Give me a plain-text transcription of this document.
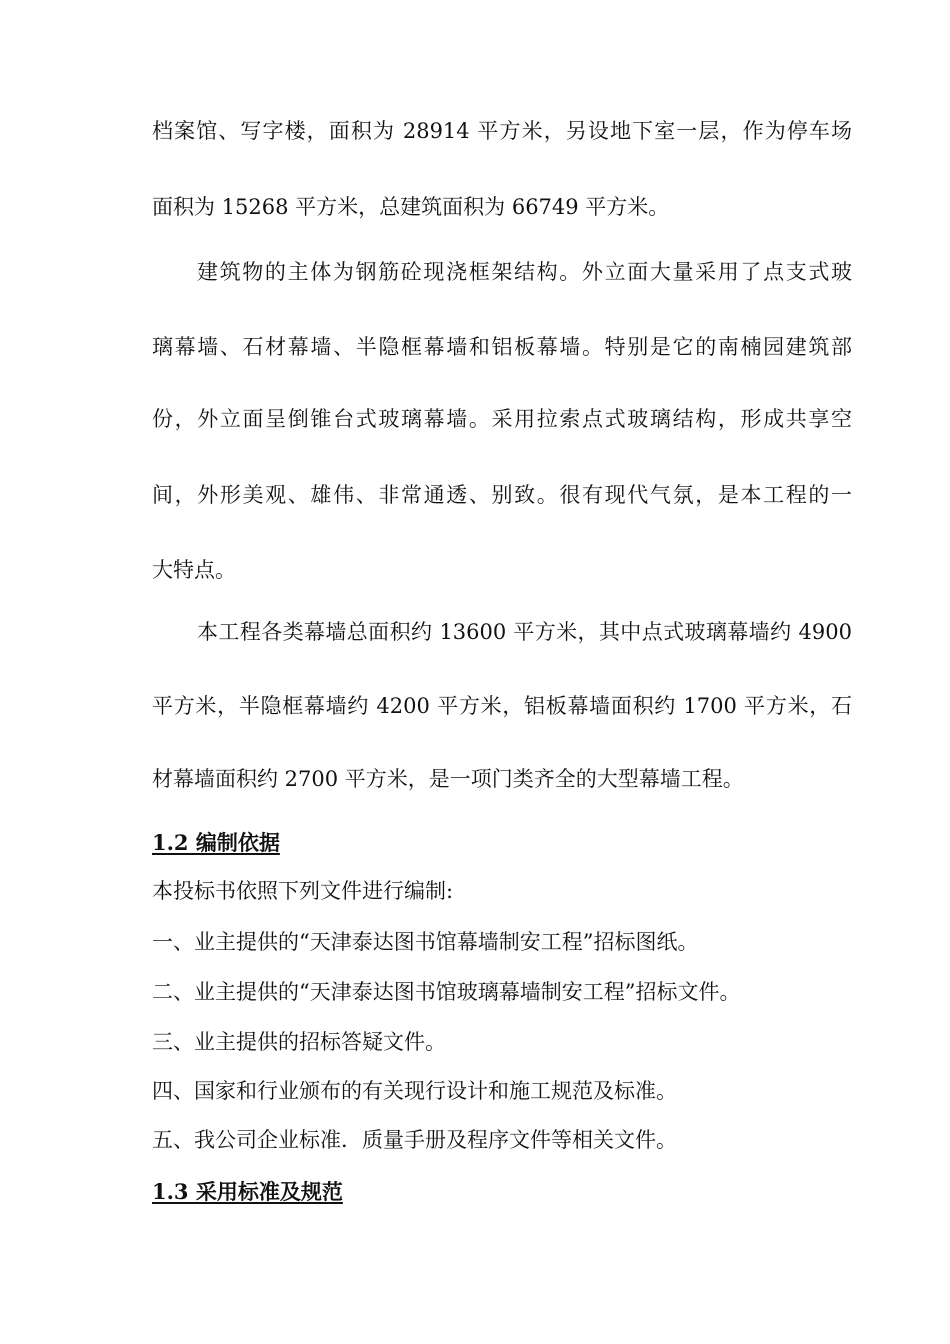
档案馆、写字楼，面积为 28914 平方米，另设地下室一层，作为停车场
面积为 15268 平方米，总建筑面积为 66749 平方米。
建筑物的主体为钢筋砼现浇框架结构。外立面大量采用了点支式玻
璃幕墙、石材幕墙、半隐框幕墙和铝板幕墙。特别是它的南楠园建筑部
份，外立面呈倒锥台式玻璃幕墙。采用拉索点式玻璃结构，形成共享空
间，外形美观、雄伟、非常通透、别致。很有现代气氛，是本工程的一
大特点。
本工程各类幕墙总面积约 13600 平方米，其中点式玻璃幕墙约 4900
平方米，半隐框幕墙约 4200 平方米，铝板幕墙面积约 1700 平方米，石
材幕墙面积约 2700 平方米，是一项门类齐全的大型幕墙工程。
1.2 编制依据
本投标书依照下列文件进行编制:
一、业主提供的“天津泰达图书馆幕墙制安工程”招标图纸。
二、业主提供的“天津泰达图书馆玻璃幕墙制安工程”招标文件。
三、业主提供的招标答疑文件。
四、国家和行业颁布的有关现行设计和施工规范及标准。
五、我公司企业标准．质量手册及程序文件等相关文件。
1.3 采用标准及规范
